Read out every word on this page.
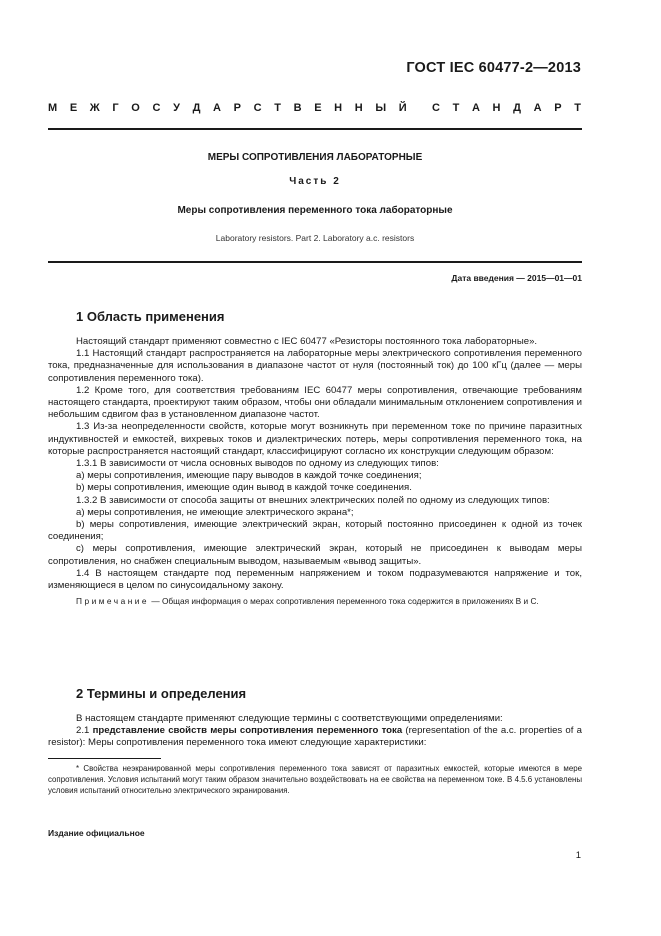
ГОСТ IEC 60477-2—2013
М Е Ж Г О С У Д А Р С Т В Е Н Н Ы Й С Т А Н Д А Р Т
МЕРЫ СОПРОТИВЛЕНИЯ ЛАБОРАТОРНЫЕ
Часть 2
Меры сопротивления переменного тока лабораторные
Laboratory resistors. Part 2. Laboratory a.c. resistors
Дата введения — 2015—01—01
1 Область применения

Настоящий стандарт применяют совместно с IEC 60477 «Резисторы постоянного тока лабораторные».

1.1 Настоящий стандарт распространяется на лабораторные меры электрического сопротивления переменного тока, предназначенные для использования в диапазоне частот от нуля (постоянный ток) до 100 кГц (далее — меры сопротивления переменного тока).

1.2 Кроме того, для соответствия требованиям IEC 60477 меры сопротивления, отвечающие требованиям настоящего стандарта, проектируют таким образом, чтобы они обладали минимальным отклонением сопротивления и небольшим сдвигом фаз в установленном диапазоне частот.

1.3 Из-за неопределенности свойств, которые могут возникнуть при переменном токе по причине паразитных индуктивностей и емкостей, вихревых токов и диэлектрических потерь, меры сопротивления переменного тока, на которые распространяется настоящий стандарт, классифицируют согласно их конструкции следующим образом:

1.3.1 В зависимости от числа основных выводов по одному из следующих типов:

a) меры сопротивления, имеющие пару выводов в каждой точке соединения;

b) меры сопротивления, имеющие один вывод в каждой точке соединения.

1.3.2 В зависимости от способа защиты от внешних электрических полей по одному из следующих типов:

a) меры сопротивления, не имеющие электрического экрана*;

b) меры сопротивления, имеющие электрический экран, который постоянно присоединен к одной из точек соединения;

c) меры сопротивления, имеющие электрический экран, который не присоединен к выводам меры сопротивления, но снабжен специальным выводом, называемым «вывод защиты».

1.4 В настоящем стандарте под переменным напряжением и током подразумеваются напряжение и ток, изменяющиеся в целом по синусоидальному закону.

Примечание — Общая информация о мерах сопротивления переменного тока содержится в приложениях В и С.

2 Термины и определения

В настоящем стандарте применяют следующие термины с соответствующими определениями:

2.1 представление свойств меры сопротивления переменного тока (representation of the a.c. properties of a resistor): Меры сопротивления переменного тока имеют следующие характеристики:

* Свойства неэкранированной меры сопротивления переменного тока зависят от паразитных емкостей, которые имеются в мере сопротивления. Условия испытаний могут таким образом значительно воздействовать на ее свойства на переменном токе. В 4.5.6 установлены условия испытаний относительно электрического экранирования.

Издание официальное
1
